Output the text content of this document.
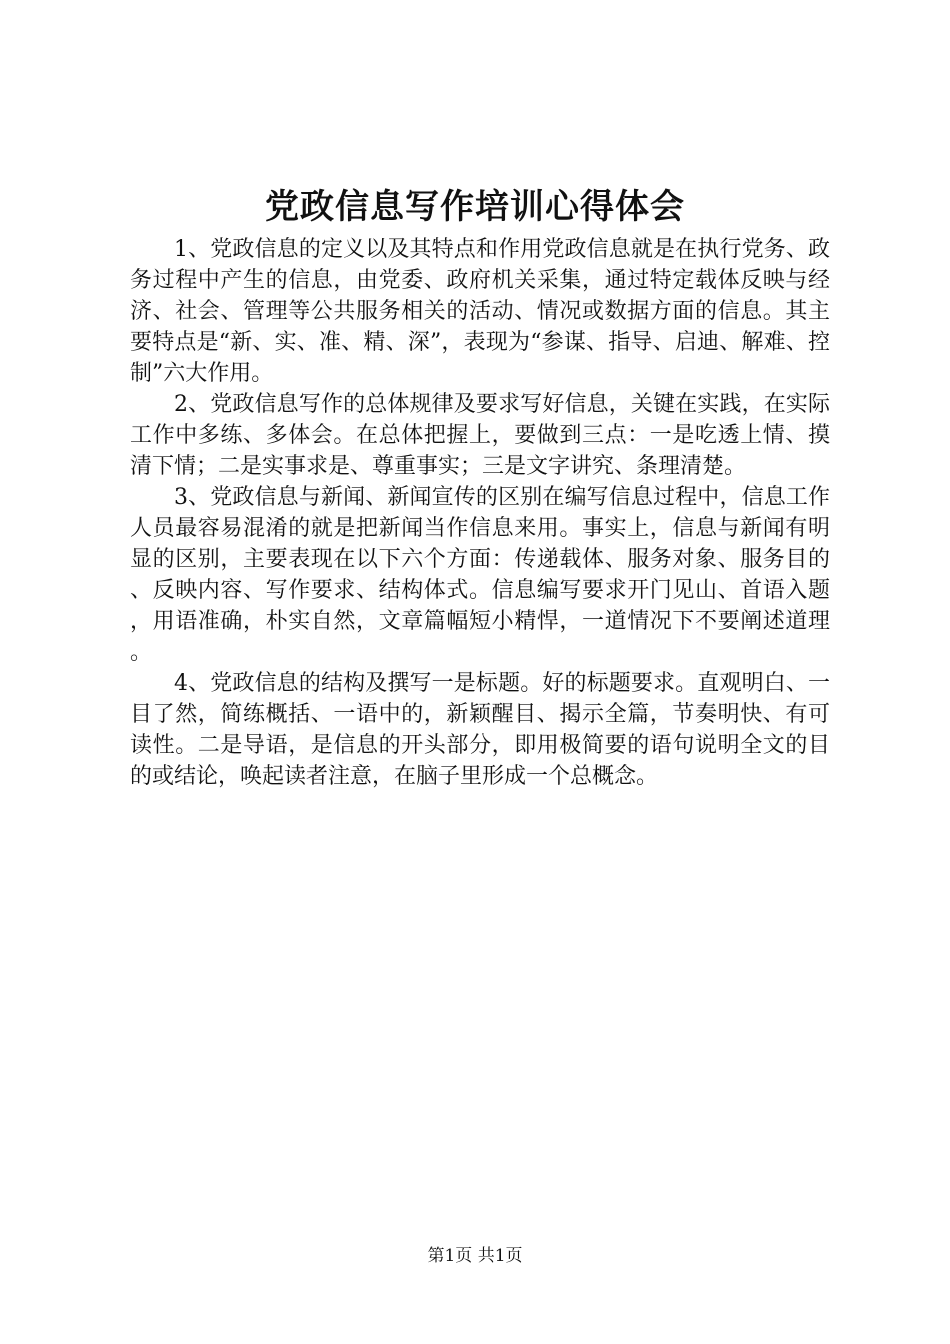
党政信息写作培训心得体会

1、党政信息的定义以及其特点和作用党政信息就是在执行党务、政务过程中产生的信息，由党委、政府机关采集，通过特定载体反映与经济、社会、管理等公共服务相关的活动、情况或数据方面的信息。其主要特点是“新、实、准、精、深”，表现为“参谋、指导、启迪、解难、控制”六大作用。

2、党政信息写作的总体规律及要求写好信息，关键在实践，在实际工作中多练、多体会。在总体把握上，要做到三点：一是吃透上情、摸清下情；二是实事求是、尊重事实；三是文字讲究、条理清楚。

3、党政信息与新闻、新闻宣传的区别在编写信息过程中，信息工作人员最容易混淆的就是把新闻当作信息来用。事实上，信息与新闻有明显的区别，主要表现在以下六个方面：传递载体、服务对象、服务目的、反映内容、写作要求、结构体式。信息编写要求开门见山、首语入题，用语准确，朴实自然，文章篇幅短小精悍，一道情况下不要阐述道理。

4、党政信息的结构及撰写一是标题。好的标题要求。直观明白、一目了然，简练概括、一语中的，新颖醒目、揭示全篇，节奏明快、有可读性。二是导语，是信息的开头部分，即用极简要的语句说明全文的目的或结论，唤起读者注意，在脑子里形成一个总概念。

第1页 共1页
